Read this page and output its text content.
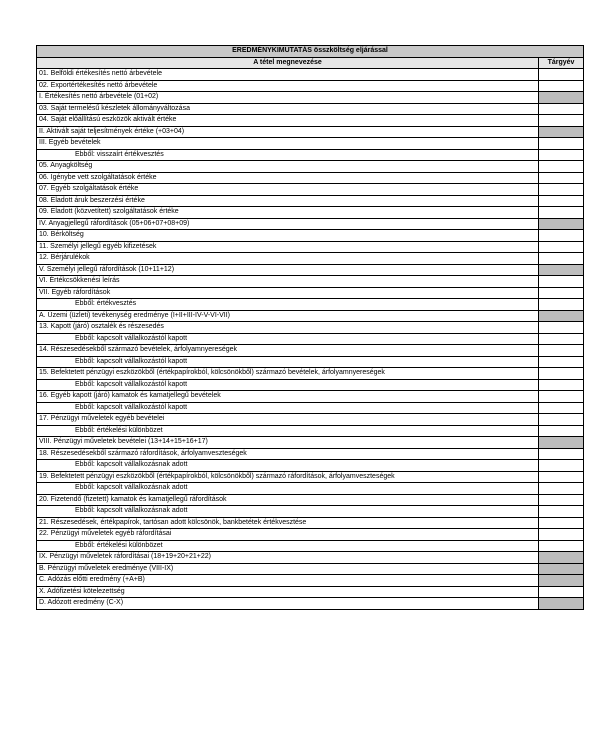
EREDMÉNYKIMUTATÁS összköltség eljárással
A tétel megnevezése	Tárgyév
01. Belföldi értékesítés nettó árbevétele
02. Exportértékesítés nettó árbevétele
I. Értékesítés nettó árbevétele (01+02)
03. Saját termelésű készletek állományváltozása
04. Saját előállítású eszközök aktivált értéke
II. Aktivált saját teljesítmények értéke (+03+04)
III. Egyéb bevételek
Ebből: visszaírt értékvesztés
05. Anyagköltség
06. Igénybe vett szolgáltatások értéke
07. Egyéb szolgáltatások értéke
08. Eladott áruk beszerzési értéke
09. Eladott (közvetített) szolgáltatások értéke
IV. Anyagjellegű ráfordítások (05+06+07+08+09)
10. Bérköltség
11. Személyi jellegű egyéb kifizetések
12. Bérjárulékok
V. Személyi jellegű ráfordítások (10+11+12)
VI. Értékcsökkenési leírás
VII. Egyéb ráfordítások
Ebből: értékvesztés
A. Üzemi (üzleti) tevékenység eredménye (I+II+III-IV-V-VI-VII)
13. Kapott (járó) osztalék és részesedés
Ebből: kapcsolt vállalkozástól kapott
14. Részesedésekből származó bevételek, árfolyamnyereségek
Ebből: kapcsolt vállalkozástól kapott
15. Befektetett pénzügyi eszközökből (értékpapírokból, kölcsönökből) származó bevételek, árfolyamnyereségek
Ebből: kapcsolt vállalkozástól kapott
16. Egyéb kapott (járó) kamatok és kamatjellegű bevételek
Ebből: kapcsolt vállalkozástól kapott
17. Pénzügyi műveletek egyéb bevételei
Ebből: értékelési különbözet
VIII. Pénzügyi műveletek bevételei (13+14+15+16+17)
18. Részesedésekből származó ráfordítások, árfolyamveszteségek
Ebből: kapcsolt vállalkozásnak adott
19. Befektetett pénzügyi eszközökből (értékpapírokból, kölcsönökből) származó ráfordítások, árfolyamveszteségek
Ebből: kapcsolt vállalkozásnak adott
20. Fizetendő (fizetett) kamatok és kamatjellegű ráfordítások
Ebből: kapcsolt vállalkozásnak adott
21. Részesedések, értékpapírok, tartósan adott kölcsönök, bankbetétek értékvesztése
22. Pénzügyi műveletek egyéb ráfordításai
Ebből: értékelési különbözet
IX. Pénzügyi műveletek ráfordításai (18+19+20+21+22)
B. Pénzügyi műveletek eredménye (VIII-IX)
C. Adózás előtti eredmény (+A+B)
X. Adófizetési kötelezettség
D. Adózott eredmény (C-X)
